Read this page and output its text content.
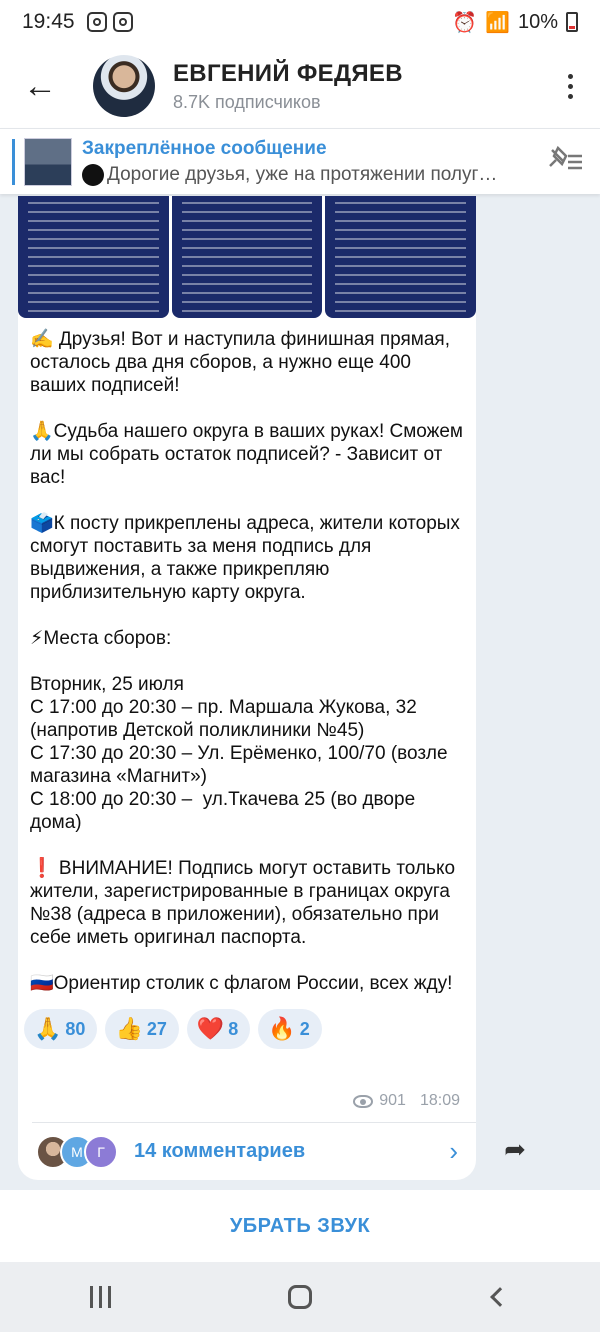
19:45	⏰ 📶 10%
←	ЕВГЕНИЙ ФЕДЯЕВ
8.7K подписчиков
Закреплённое сообщение
Дорогие друзья, уже на протяжении полуг…
✍️ Друзья! Вот и наступила финишная прямая, осталось два дня сборов, а нужно еще 400 ваших подписей!

🙏Судьба нашего округа в ваших руках! Сможем ли мы собрать остаток подписей? - Зависит от вас!

🗳️К посту прикреплены адреса, жители которых смогут поставить за меня подпись для выдвижения, а также прикрепляю приблизительную карту округа.

⚡Места сборов:

Вторник, 25 июля
С 17:00 до 20:30 – пр. Маршала Жукова, 32 (напротив Детской поликлиники №45)
С 17:30 до 20:30 – Ул. Ерёменко, 100/70 (возле магазина «Магнит»)
С 18:00 до 20:30 –  ул.Ткачева 25 (во дворе дома)

❗ ВНИМАНИЕ! Подпись могут оставить только жители, зарегистрированные в границах округа №38 (адреса в приложении), обязательно при себе иметь оригинал паспорта.

🇷🇺Ориентир столик с флагом России, всех жду!
🙏 80 👍 27 ❤️ 8 🔥 2
901 18:09
М	Г	14 комментариев	› ➦
УБРАТЬ ЗВУК
